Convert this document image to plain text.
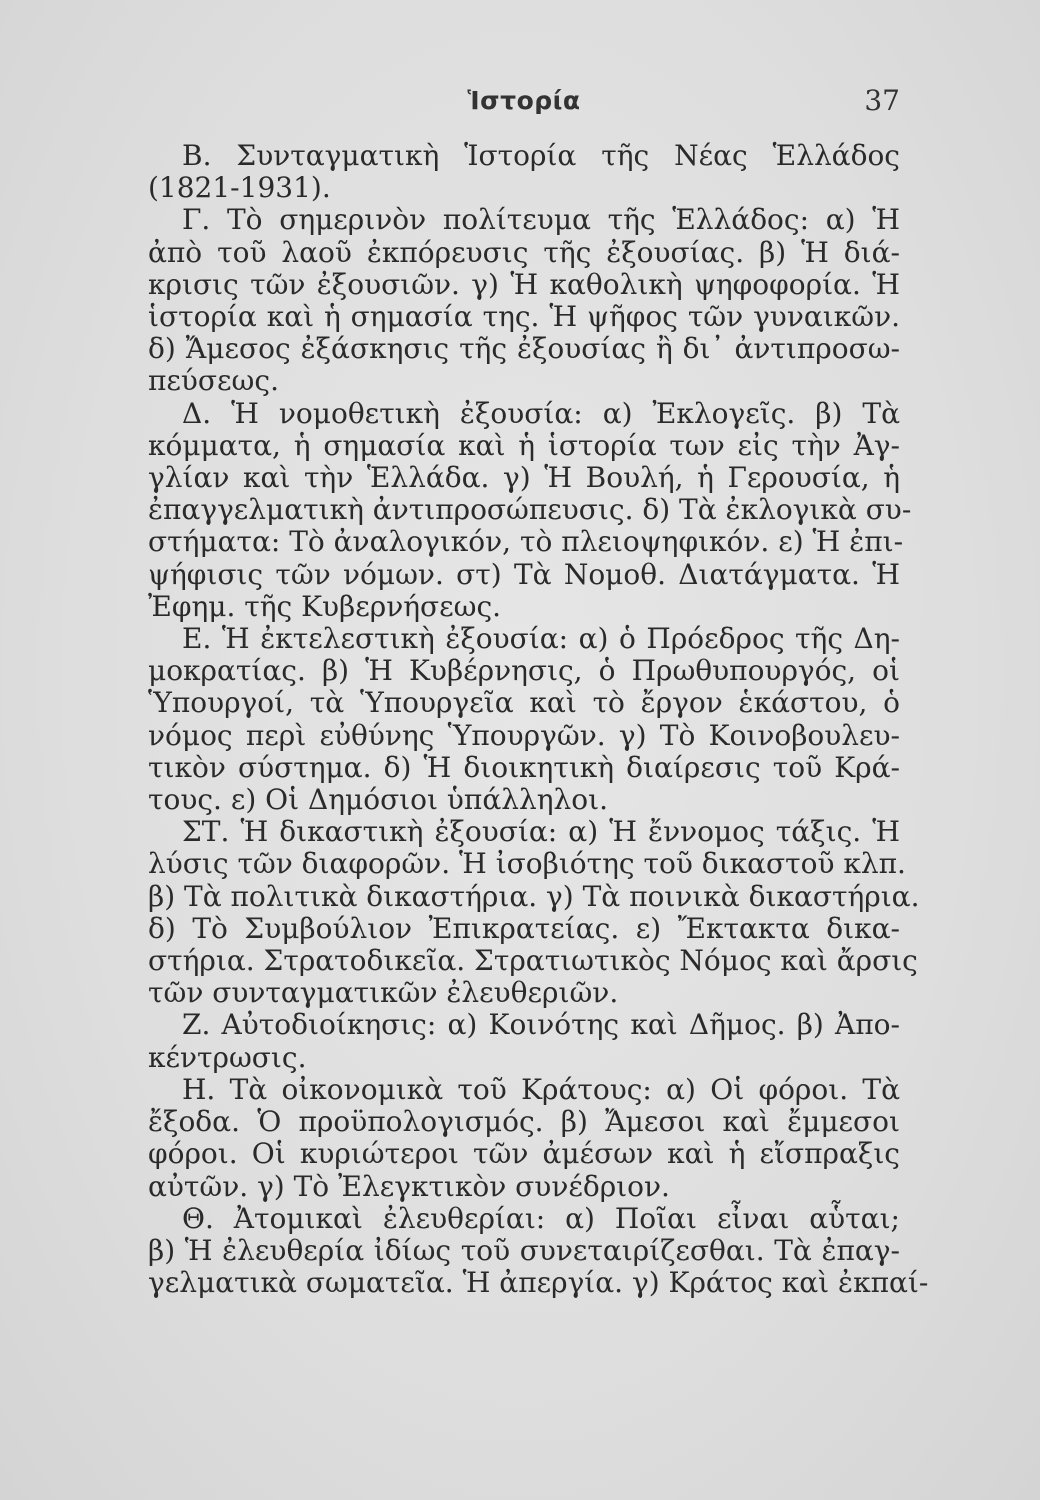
Ἱστορία	37

B. Συνταγματικὴ Ἱστορία τῆς Νέας Ἑλλάδος
(1821-1931).

Γ. Τὸ σημερινὸν πολίτευμα τῆς Ἑλλάδος: α) Ἡ
ἀπὸ τοῦ λαοῦ ἐκπόρευσις τῆς ἐξουσίας. β) Ἡ διά-
κρισις τῶν ἐξουσιῶν. γ) Ἡ καθολικὴ ψηφοφορία. Ἡ
ἱστορία καὶ ἡ σημασία της. Ἡ ψῆφος τῶν γυναικῶν.
δ) Ἄμεσος ἐξάσκησις τῆς ἐξουσίας ἢ δι᾿ ἀντιπροσω-
πεύσεως.

Δ. Ἡ νομοθετικὴ ἐξουσία: α) Ἐκλογεῖς. β) Τὰ
κόμματα, ἡ σημασία καὶ ἡ ἱστορία των εἰς τὴν Ἀγ-
γλίαν καὶ τὴν Ἑλλάδα. γ) Ἡ Βουλή, ἡ Γερουσία, ἡ
ἐπαγγελματικὴ ἀντιπροσώπευσις. δ) Τὰ ἐκλογικὰ συ-
στήματα: Τὸ ἀναλογικόν, τὸ πλειοψηφικόν. ε) Ἡ ἐπι-
ψήφισις τῶν νόμων. στ) Τὰ Νομοθ. Διατάγματα. Ἡ
Ἐφημ. τῆς Κυβερνήσεως.

Ε. Ἡ ἐκτελεστικὴ ἐξουσία: α) ὁ Πρόεδρος τῆς Δη-
μοκρατίας. β) Ἡ Κυβέρνησις, ὁ Πρωθυπουργός, οἱ
Ὑπουργοί, τὰ Ὑπουργεῖα καὶ τὸ ἔργον ἑκάστου, ὁ
νόμος περὶ εὐθύνης Ὑπουργῶν. γ) Τὸ Κοινοβουλευ-
τικὸν σύστημα. δ) Ἡ διοικητικὴ διαίρεσις τοῦ Κρά-
τους. ε) Οἱ Δημόσιοι ὑπάλληλοι.

ΣΤ. Ἡ δικαστικὴ ἐξουσία: α) Ἡ ἔννομος τάξις. Ἡ
λύσις τῶν διαφορῶν. Ἡ ἰσοβιότης τοῦ δικαστοῦ κλπ.
β) Τὰ πολιτικὰ δικαστήρια. γ) Τὰ ποινικὰ δικαστήρια.
δ) Τὸ Συμβούλιον Ἐπικρατείας. ε) Ἔκτακτα δικα-
στήρια. Στρατοδικεῖα. Στρατιωτικὸς Νόμος καὶ ἄρσις
τῶν συνταγματικῶν ἐλευθεριῶν.

Ζ. Αὐτοδιοίκησις: α) Κοινότης καὶ Δῆμος. β) Ἀπο-
κέντρωσις.

Η. Τὰ οἰκονομικὰ τοῦ Κράτους: α) Οἱ φόροι. Τὰ
ἔξοδα. Ὁ προϋπολογισμός. β) Ἄμεσοι καὶ ἔμμεσοι
φόροι. Οἱ κυριώτεροι τῶν ἀμέσων καὶ ἡ εἴσπραξις
αὐτῶν. γ) Τὸ Ἐλεγκτικὸν συνέδριον.

Θ. Ἀτομικαὶ ἐλευθερίαι: α) Ποῖαι εἶναι αὗται;
β) Ἡ ἐλευθερία ἰδίως τοῦ συνεταιρίζεσθαι. Τὰ ἐπαγ-
γελματικὰ σωματεῖα. Ἡ ἀπεργία. γ) Κράτος καὶ ἐκπαί-
